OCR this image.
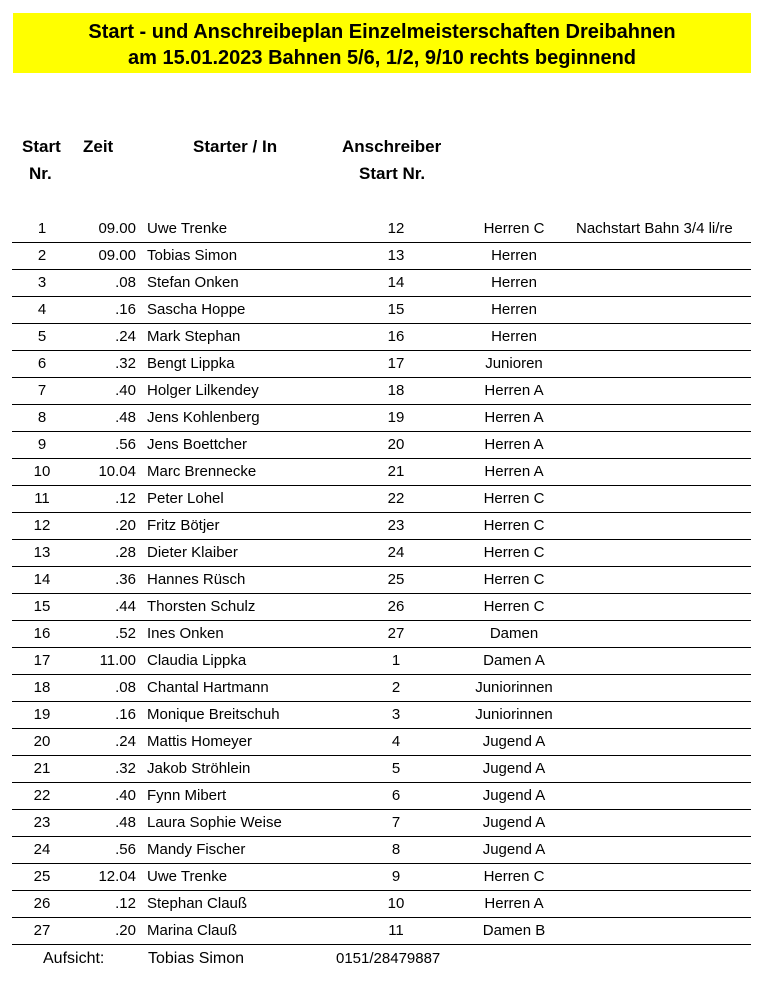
Start - und Anschreibeplan Einzelmeisterschaften Dreibahnen
am 15.01.2023 Bahnen 5/6, 1/2, 9/10 rechts beginnend
Start
Nr.
Zeit	Starter / In	Anschreiber
Start Nr.
1	09.00 Uwe Trenke	12	Herren C	Nachstart Bahn 3/4 li/re
2	09.00 Tobias Simon	13	Herren
3	.08 Stefan Onken	14	Herren
4	.16 Sascha Hoppe	15	Herren
5	.24 Mark Stephan	16	Herren
6	.32 Bengt Lippka	17	Junioren
7	.40 Holger Lilkendey	18	Herren A
8	.48 Jens Kohlenberg	19	Herren A
9	.56 Jens Boettcher	20	Herren A
10	10.04 Marc Brennecke	21	Herren A
11	.12 Peter Lohel	22	Herren C
12	.20 Fritz Bötjer	23	Herren C
13	.28 Dieter Klaiber	24	Herren C
14	.36 Hannes Rüsch	25	Herren C
15	.44 Thorsten Schulz	26	Herren C
16	.52 Ines Onken	27	Damen
17	11.00 Claudia Lippka	1	Damen A
18	.08 Chantal Hartmann	2	Juniorinnen
19	.16 Monique Breitschuh	3	Juniorinnen
20	.24 Mattis Homeyer	4	Jugend A
21	.32 Jakob Ströhlein	5	Jugend A
22	.40 Fynn Mibert	6	Jugend A
23	.48 Laura Sophie Weise	7	Jugend A
24	.56 Mandy Fischer	8	Jugend A
25	12.04 Uwe Trenke	9	Herren C
26	.12 Stephan Clauß	10	Herren A
27	.20 Marina Clauß	11	Damen B
Aufsicht:	Tobias Simon	0151/28479887
